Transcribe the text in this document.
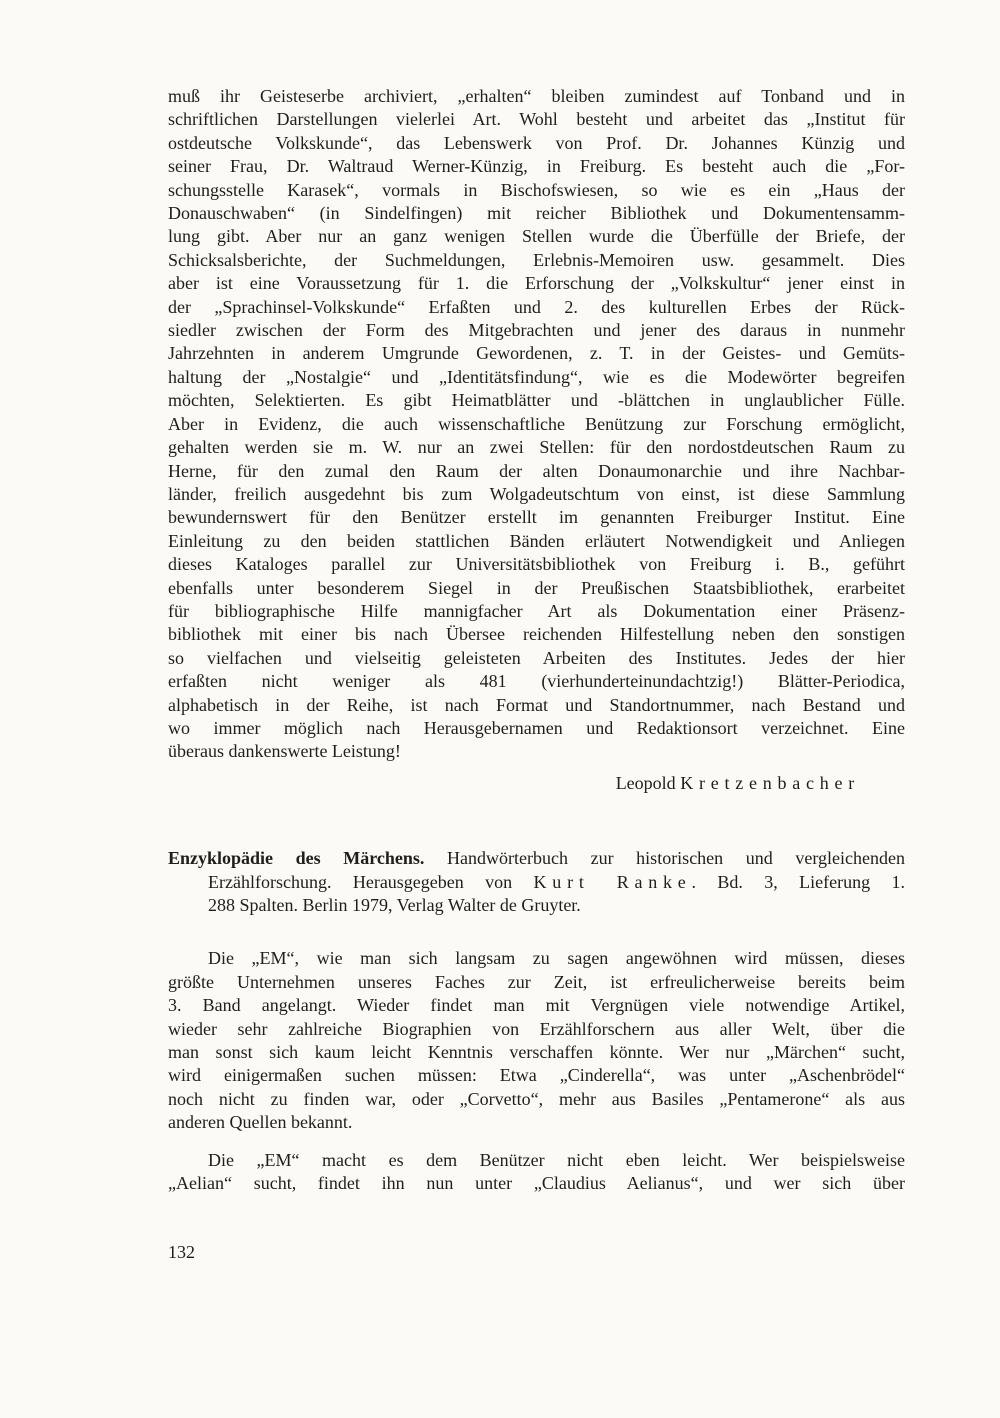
muß ihr Geisteserbe archiviert, „erhalten“ bleiben zumindest auf Tonband und in
schriftlichen Darstellungen vielerlei Art. Wohl besteht und arbeitet das „Institut für
ostdeutsche Volkskunde“, das Lebenswerk von Prof. Dr. Johannes Künzig und
seiner Frau, Dr. Waltraud Werner-Künzig, in Freiburg. Es besteht auch die „For-
schungsstelle Karasek“, vormals in Bischofswiesen, so wie es ein „Haus der
Donauschwaben“ (in Sindelfingen) mit reicher Bibliothek und Dokumentensamm-
lung gibt. Aber nur an ganz wenigen Stellen wurde die Überfülle der Briefe, der
Schicksalsberichte, der Suchmeldungen, Erlebnis-Memoiren usw. gesammelt. Dies
aber ist eine Voraussetzung für 1. die Erforschung der „Volkskultur“ jener einst in
der „Sprachinsel-Volkskunde“ Erfaßten und 2. des kulturellen Erbes der Rück-
siedler zwischen der Form des Mitgebrachten und jener des daraus in nunmehr
Jahrzehnten in anderem Umgrunde Gewordenen, z. T. in der Geistes- und Gemüts-
haltung der „Nostalgie“ und „Identitätsfindung“, wie es die Modewörter begreifen
möchten, Selektierten. Es gibt Heimatblätter und -blättchen in unglaublicher Fülle.
Aber in Evidenz, die auch wissenschaftliche Benützung zur Forschung ermöglicht,
gehalten werden sie m. W. nur an zwei Stellen: für den nordostdeutschen Raum zu
Herne, für den zumal den Raum der alten Donaumonarchie und ihre Nachbar-
länder, freilich ausgedehnt bis zum Wolgadeutschtum von einst, ist diese Sammlung
bewundernswert für den Benützer erstellt im genannten Freiburger Institut. Eine
Einleitung zu den beiden stattlichen Bänden erläutert Notwendigkeit und Anliegen
dieses Kataloges parallel zur Universitätsbibliothek von Freiburg i. B., geführt
ebenfalls unter besonderem Siegel in der Preußischen Staatsbibliothek, erarbeitet
für bibliographische Hilfe mannigfacher Art als Dokumentation einer Präsenz-
bibliothek mit einer bis nach Übersee reichenden Hilfestellung neben den sonstigen
so vielfachen und vielseitig geleisteten Arbeiten des Institutes. Jedes der hier
erfaßten nicht weniger als 481 (vierhunderteinundachtzig!) Blätter-Periodica,
alphabetisch in der Reihe, ist nach Format und Standortnummer, nach Bestand und
wo immer möglich nach Herausgebernamen und Redaktionsort verzeichnet. Eine
überaus dankenswerte Leistung!
Leopold Kretzenbacher
Enzyklopädie des Märchens. Handwörterbuch zur historischen und vergleichenden
Erzählforschung. Herausgegeben von Kurt Ranke. Bd. 3, Lieferung 1.
288 Spalten. Berlin 1979, Verlag Walter de Gruyter.
Die „EM“, wie man sich langsam zu sagen angewöhnen wird müssen, dieses
größte Unternehmen unseres Faches zur Zeit, ist erfreulicherweise bereits beim
3. Band angelangt. Wieder findet man mit Vergnügen viele notwendige Artikel,
wieder sehr zahlreiche Biographien von Erzählforschern aus aller Welt, über die
man sonst sich kaum leicht Kenntnis verschaffen könnte. Wer nur „Märchen“ sucht,
wird einigermaßen suchen müssen: Etwa „Cinderella“, was unter „Aschenbrödel“
noch nicht zu finden war, oder „Corvetto“, mehr aus Basiles „Pentamerone“ als aus
anderen Quellen bekannt.
Die „EM“ macht es dem Benützer nicht eben leicht. Wer beispielsweise
„Aelian“ sucht, findet ihn nun unter „Claudius Aelianus“, und wer sich über
132
